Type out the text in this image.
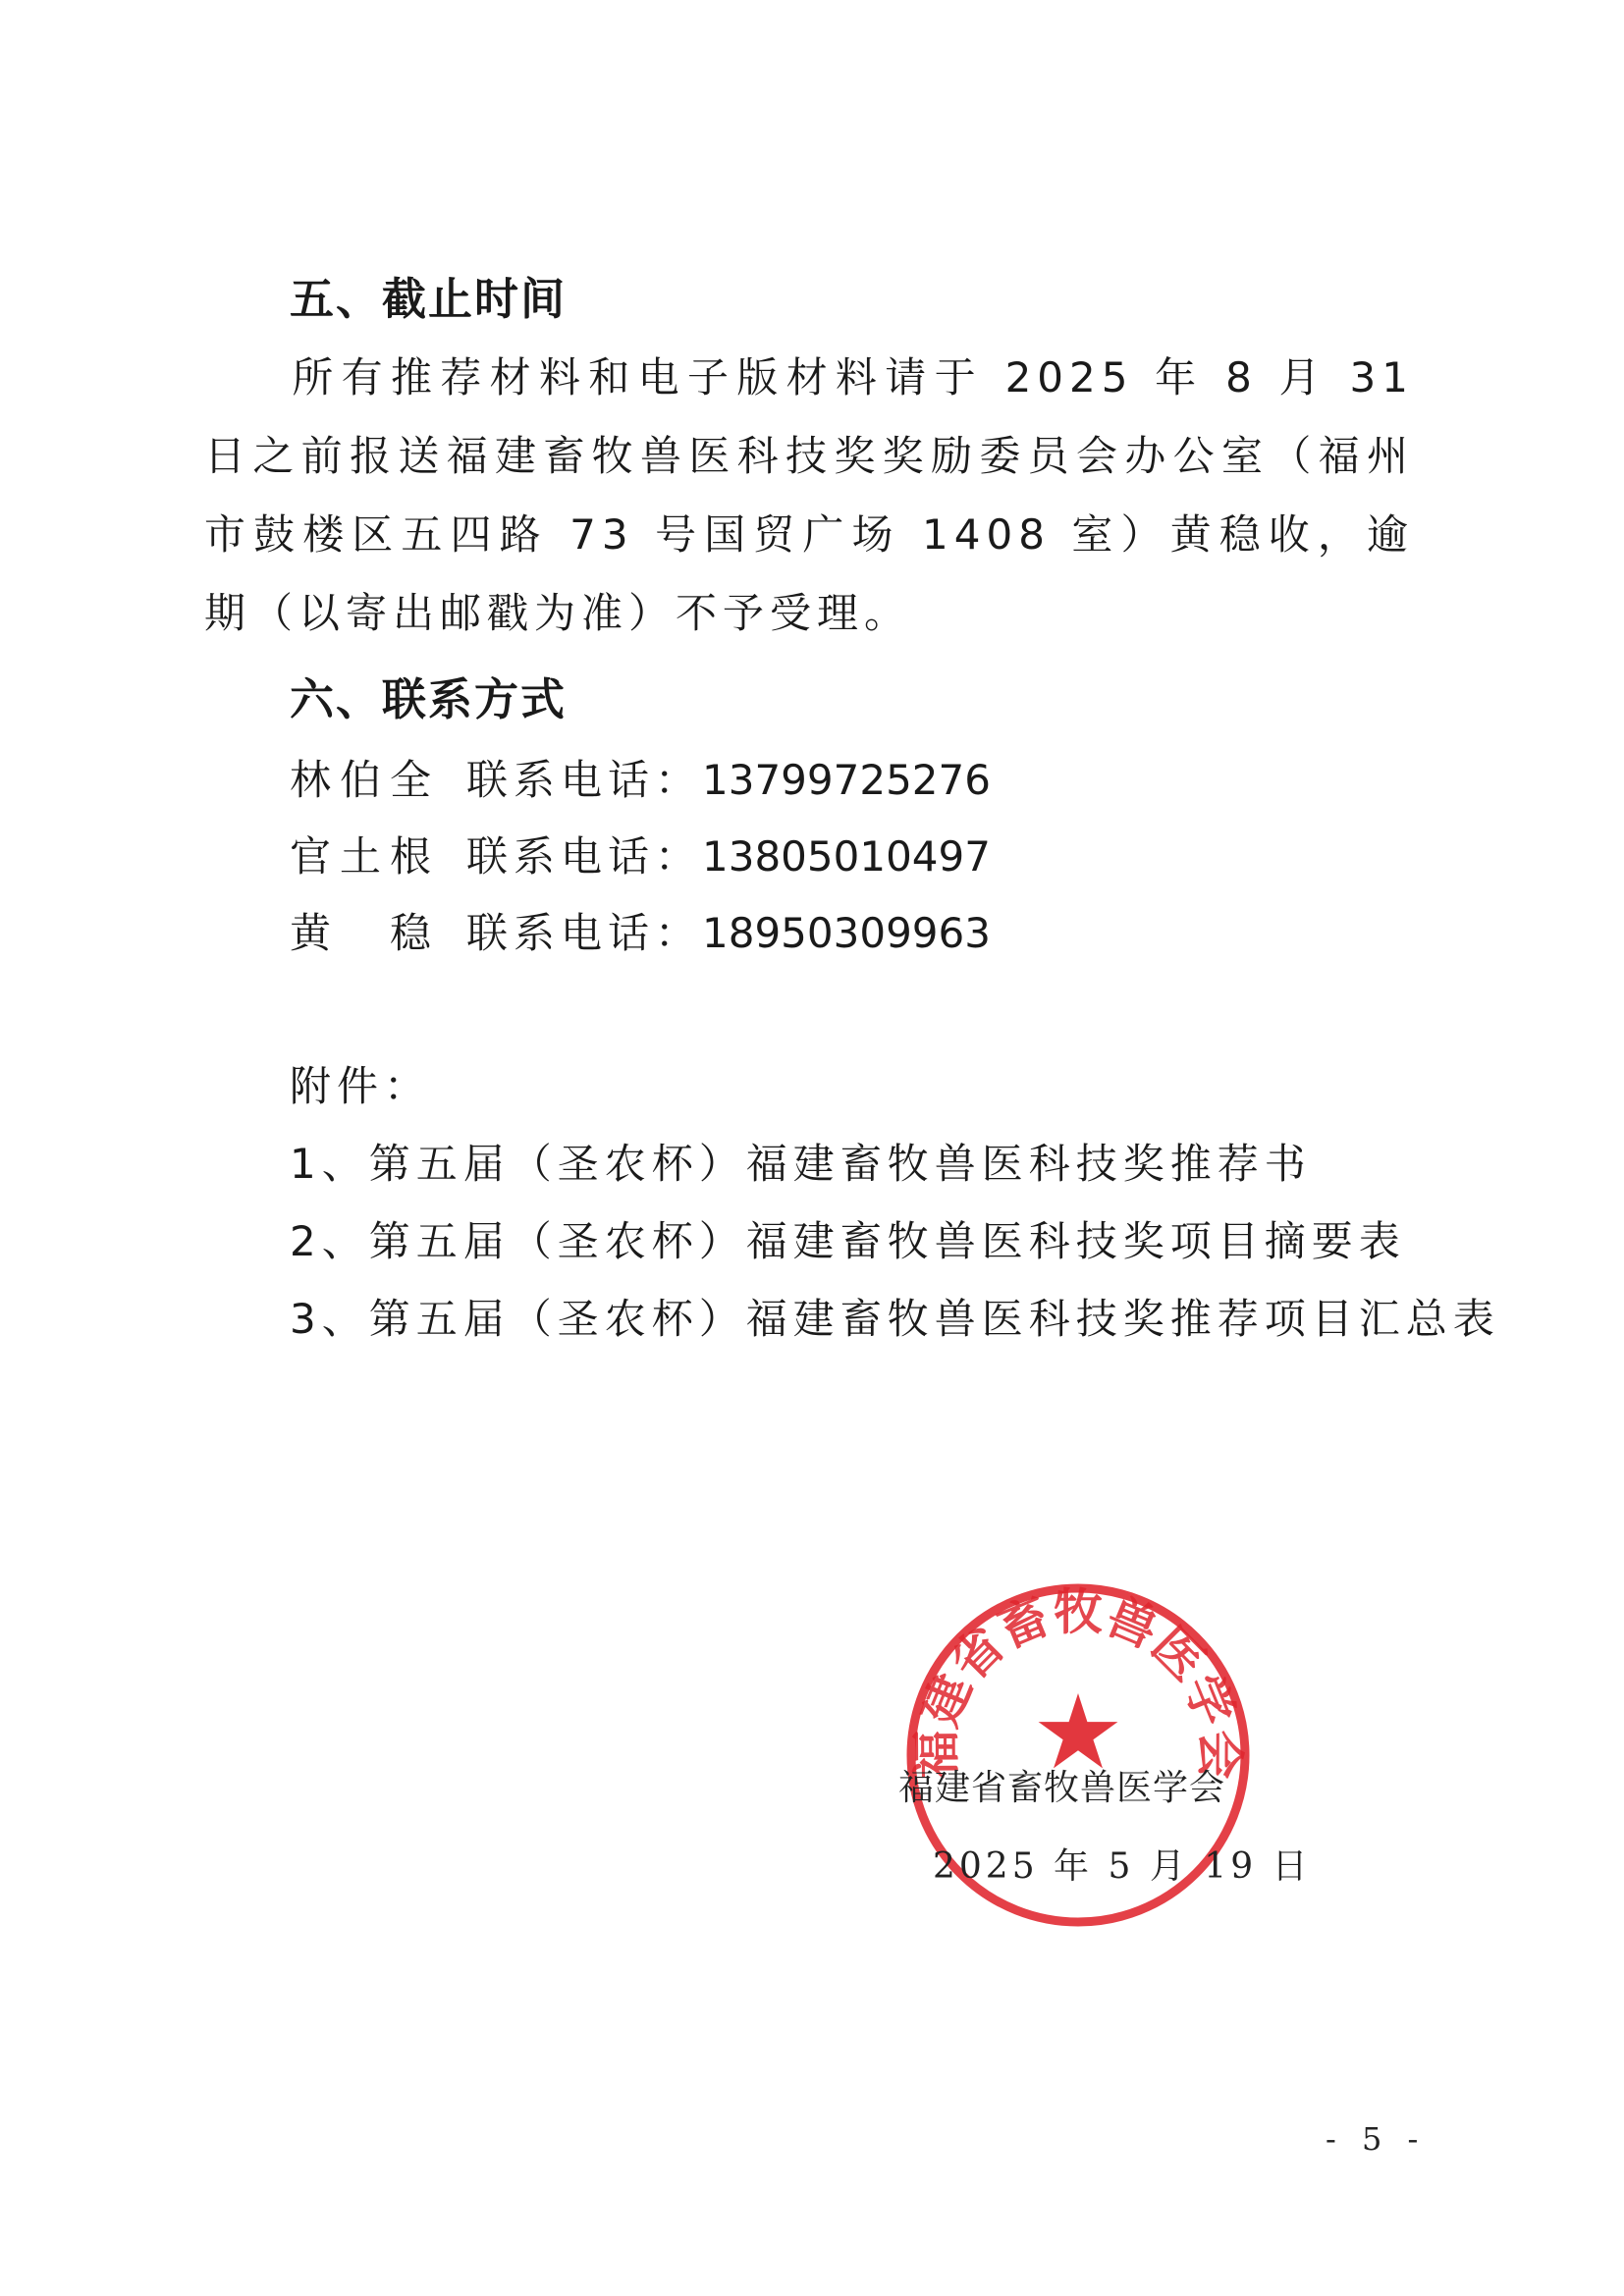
五、截止时间
所有推荐材料和电子版材料请于 2025 年 8 月 31 日之前报送福建畜牧兽医科技奖奖励委员会办公室（福州市鼓楼区五四路 73 号国贸广场 1408 室）黄稳收，逾期（以寄出邮戳为准）不予受理。
六、联系方式
林伯全 联系电话：13799725276
官土根 联系电话：13805010497
黄　稳 联系电话：18950309963
附件：
1、第五届（圣农杯）福建畜牧兽医科技奖推荐书
2、第五届（圣农杯）福建畜牧兽医科技奖项目摘要表
3、第五届（圣农杯）福建畜牧兽医科技奖推荐项目汇总表
福建省畜牧兽医学会
福建省畜牧兽医学会
2025 年 5 月 19 日
- 5 -
